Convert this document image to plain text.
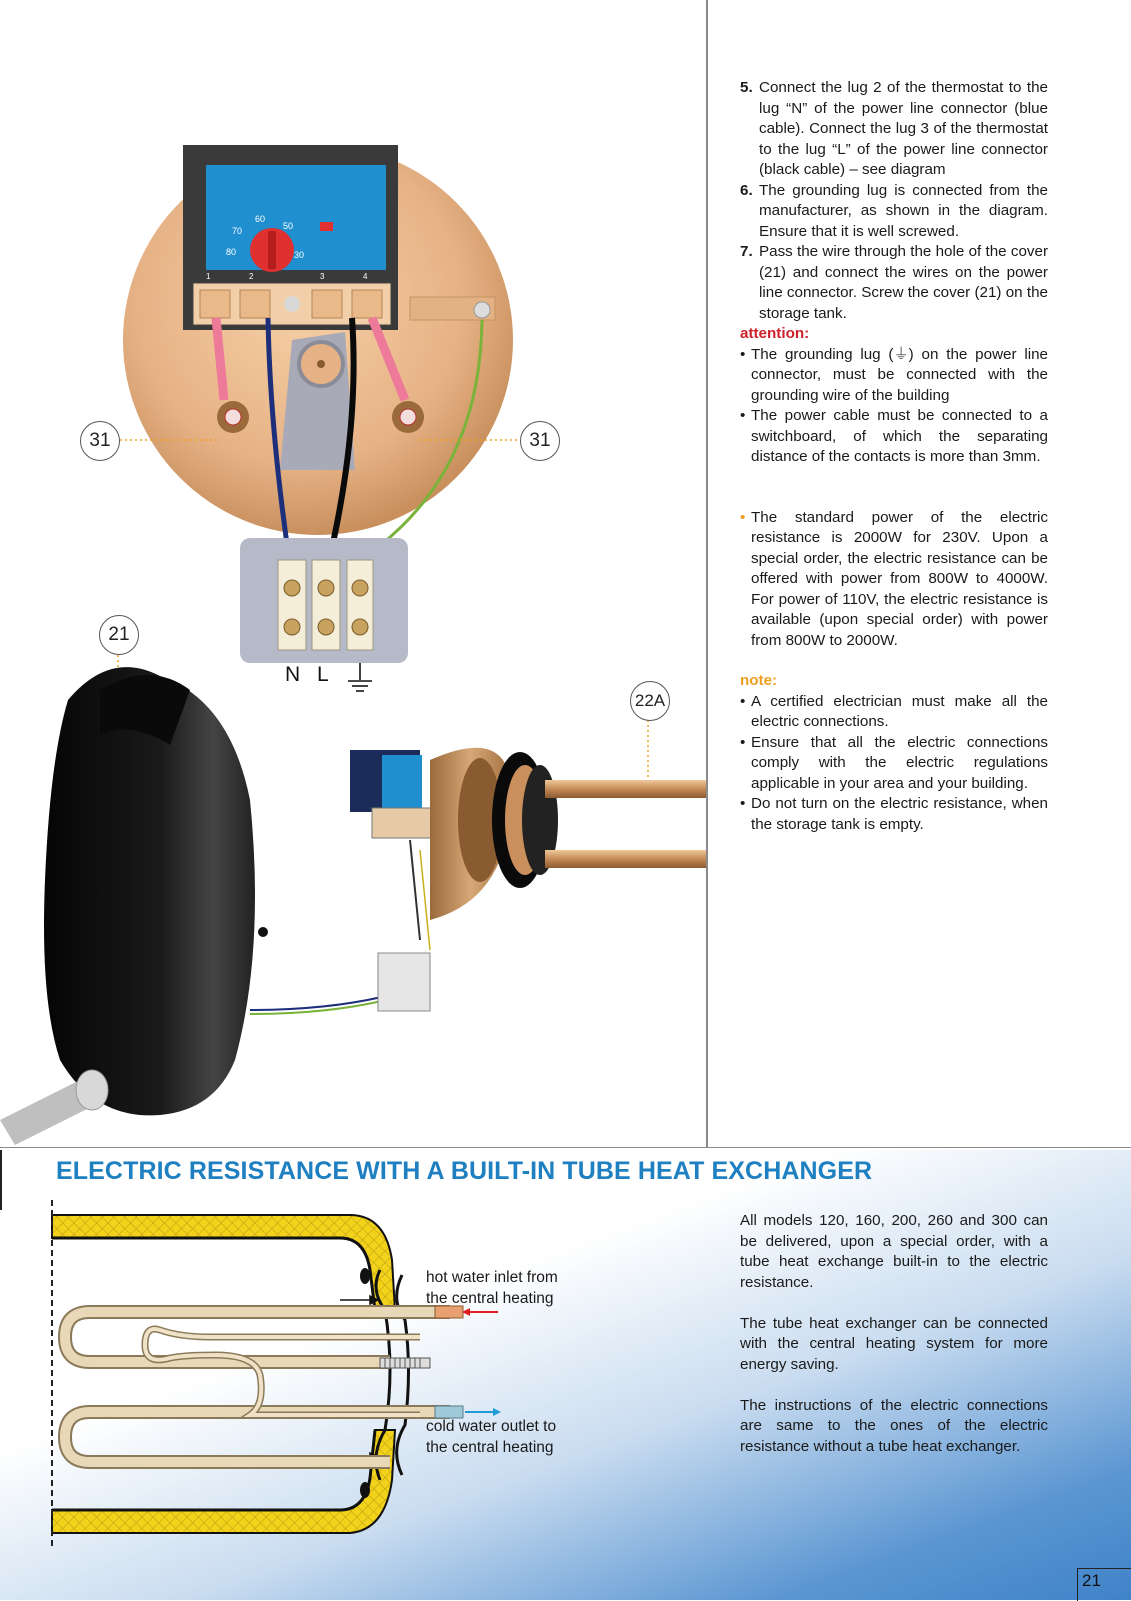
60
50
70
80	30
1	2	3	4
31	31
21
22A
N L
5. Connect the lug 2 of the thermostat to the lug “N” of the power line connector (blue cable). Connect the lug 3 of the thermostat to the lug “L” of the power line connector (black cable) – see diagram
6. The grounding lug is connected from the manufacturer, as shown in the diagram. Ensure that it is well screwed.
7. Pass the wire through the hole of the cover (21) and connect the wires on the power line connector. Screw the cover (21) on the storage tank.

attention:

• The grounding lug (⏚) on the power line connector, must be connected with the grounding wire of the building
• The power cable must be connected to a switchboard, of which the separating distance of the contacts is more than 3mm.
• The standard power of the electric resistance is 2000W for 230V. Upon a special order, the electric resistance can be offered with power from 800W to 4000W. For power of 110V, the electric resistance is available (upon special order) with power from 800W to 2000W.

note:

• A certified electrician must make all the electric connections.
• Ensure that all the electric connections comply with the electric regulations applicable in your area and your building.
• Do not turn on the electric resistance, when the storage tank is empty.
ELECTRIC RESISTANCE WITH A BUILT-IN TUBE HEAT EXCHANGER
hot water inlet from
the central heating
cold water outlet to
the central heating

All models 120, 160, 200, 260 and 300 can be delivered, upon a special order, with a tube heat exchange built-in to the electric resistance.

The tube heat exchanger can be connected with the central heating system for more energy saving.

The instructions of the electric connections are same to the ones of the electric resistance without a tube heat exchanger.

21
